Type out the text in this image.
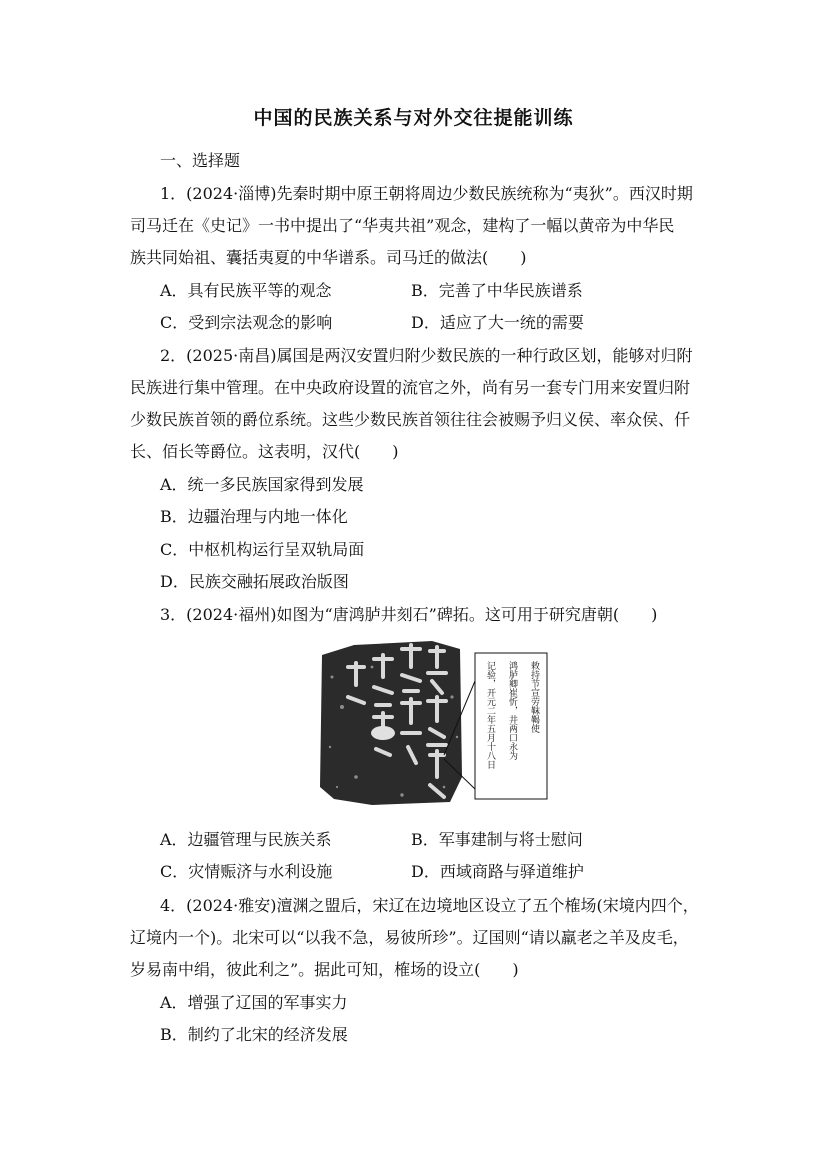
中国的民族关系与对外交往提能训练
一、选择题
1．(2024·淄博)先秦时期中原王朝将周边少数民族统称为“夷狄”。西汉时期
司马迁在《史记》一书中提出了“华夷共祖”观念，建构了一幅以黄帝为中华民
族共同始祖、囊括夷夏的中华谱系。司马迁的做法(　　)
A．具有民族平等的观念	B．完善了中华民族谱系
C．受到宗法观念的影响	D．适应了大一统的需要
2．(2025·南昌)属国是两汉安置归附少数民族的一种行政区划，能够对归附
民族进行集中管理。在中央政府设置的流官之外，尚有另一套专门用来安置归附
少数民族首领的爵位系统。这些少数民族首领往往会被赐予归义侯、率众侯、仟
长、佰长等爵位。这表明，汉代(　　)
A．统一多民族国家得到发展
B．边疆治理与内地一体化
C．中枢机构运行呈双轨局面
D．民族交融拓展政治版图
3．(2024·福州)如图为“唐鸿胪井刻石”碑拓。这可用于研究唐朝(　　)
敕持节宣劳靺鞨使
鸿胪卿崔忻，井两口永为
记验，开元二年五月十八日
A．边疆管理与民族关系	B．军事建制与将士慰问
C．灾情赈济与水利设施	D．西域商路与驿道维护
4．(2024·雅安)澶渊之盟后，宋辽在边境地区设立了五个榷场(宋境内四个，
辽境内一个)。北宋可以“以我不急，易彼所珍”。辽国则“请以羸老之羊及皮毛，
岁易南中绢，彼此利之”。据此可知，榷场的设立(　　)
A．增强了辽国的军事实力
B．制约了北宋的经济发展
